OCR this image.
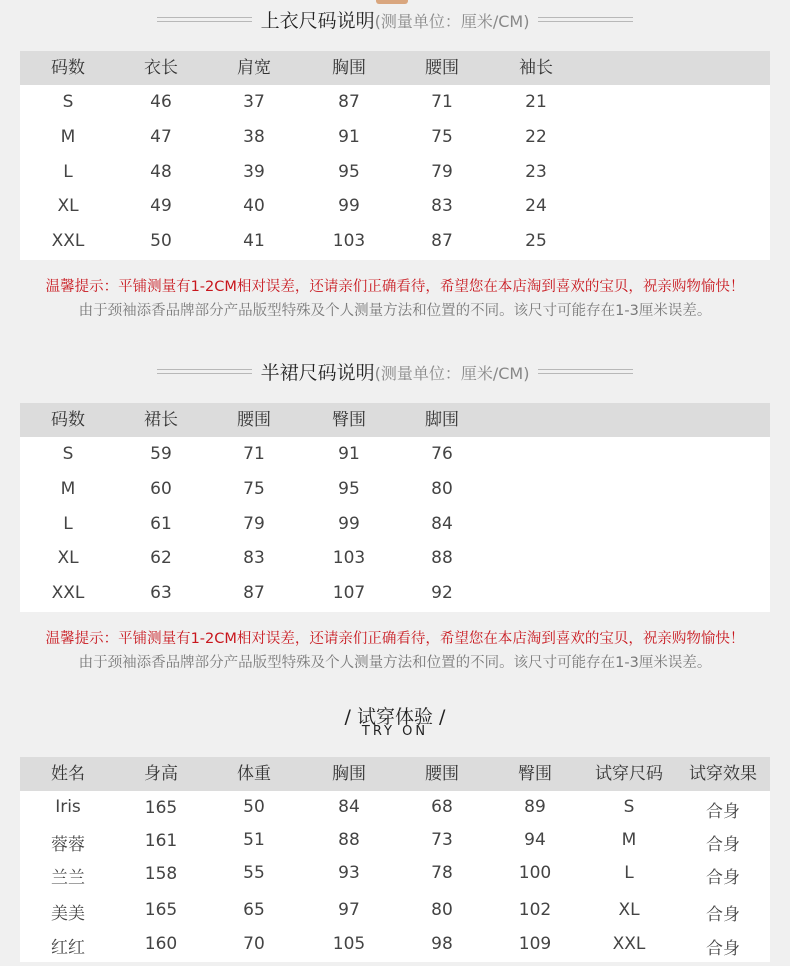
上衣尺码说明(测量单位：厘米/CM)
码数	衣长	肩宽	胸围	腰围	袖长
S	46	37	87	71	21
M	47	38	91	75	22
L	48	39	95	79	23
XL	49	40	99	83	24
XXL	50	41	103	87	25
温馨提示：平铺测量有1-2CM相对误差，还请亲们正确看待，希望您在本店淘到喜欢的宝贝，祝亲购物愉快！
由于颈袖添香品牌部分产品版型特殊及个人测量方法和位置的不同。该尺寸可能存在1-3厘米误差。
半裙尺码说明(测量单位：厘米/CM)
码数	裙长	腰围	臀围	脚围
S	59	71	91	76
M	60	75	95	80
L	61	79	99	84
XL	62	83	103	88
XXL	63	87	107	92
温馨提示：平铺测量有1-2CM相对误差，还请亲们正确看待，希望您在本店淘到喜欢的宝贝，祝亲购物愉快！
由于颈袖添香品牌部分产品版型特殊及个人测量方法和位置的不同。该尺寸可能存在1-3厘米误差。
/ 试穿体验 /
TRY ON
姓名	身高	体重	胸围	腰围	臀围	试穿尺码	试穿效果
Iris	165	50	84	68	89	S	合身
蓉蓉	161	51	88	73	94	M	合身
兰兰	158	55	93	78	100	L	合身
美美	165	65	97	80	102	XL	合身
红红	160	70	105	98	109	XXL	合身
